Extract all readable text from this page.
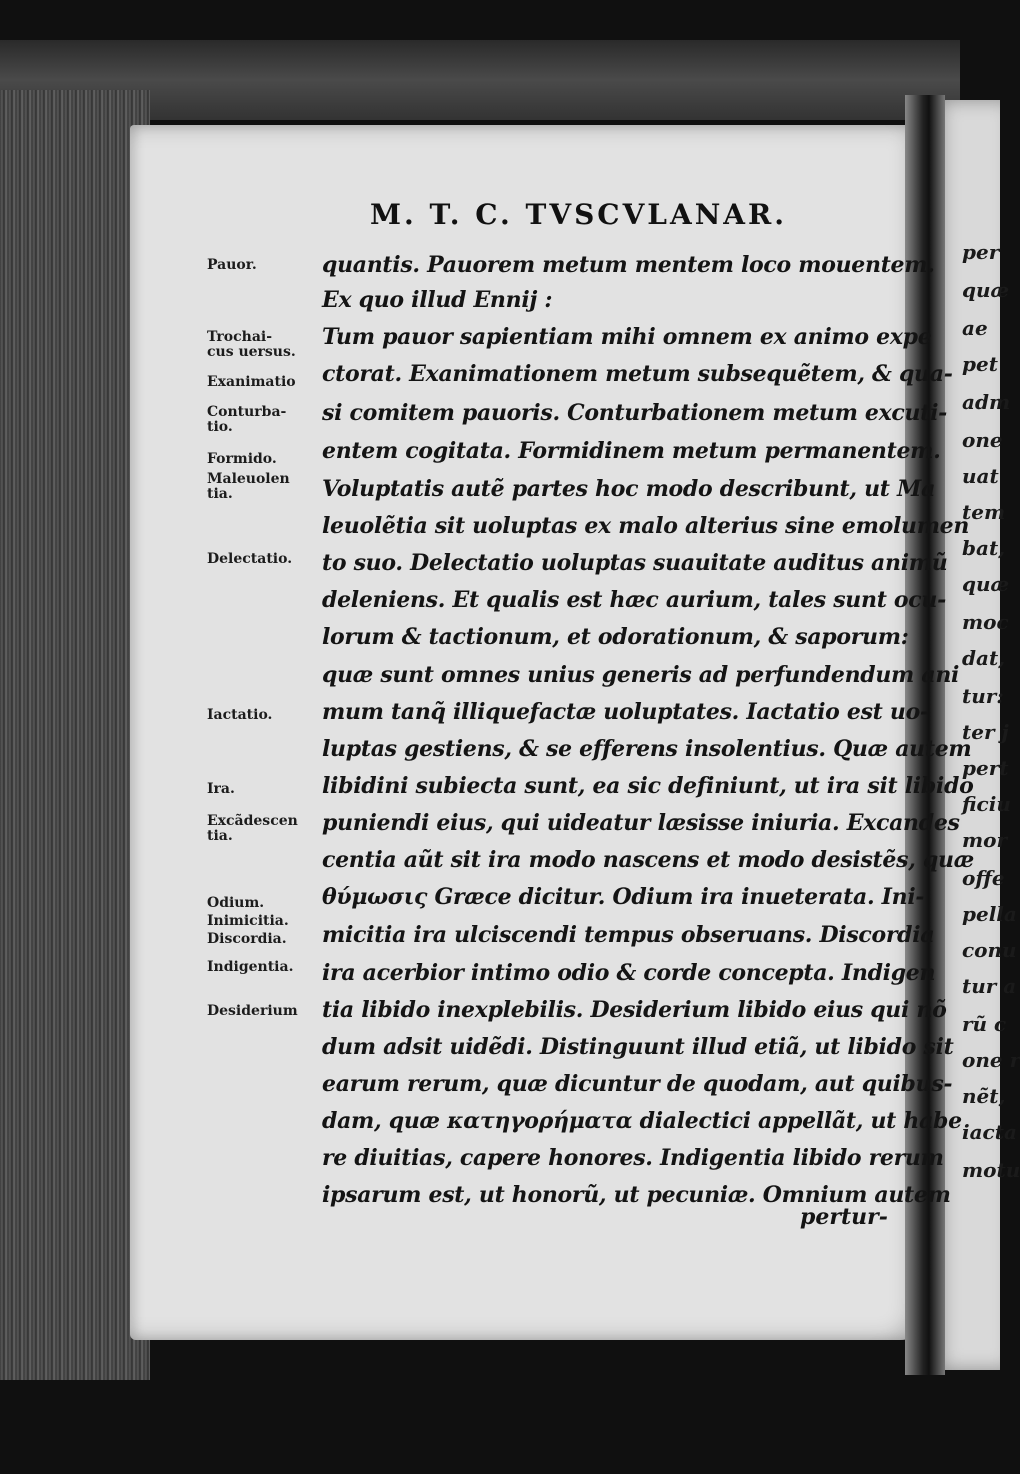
M. T. C. TVSCVLANAR.
quantis. Pauorem metum mentem loco mouentem.
Ex quo illud Ennij :
Tum pauor sapientiam mihi omnem ex animo expe
ctorat. Exanimationem metum subsequẽtem, & qua-
si comitem pauoris. Conturbationem metum excuti-
entem cogitata. Formidinem metum permanentem.
Voluptatis autẽ partes hoc modo describunt, ut Ma
leuolẽtia sit uoluptas ex malo alterius sine emolumen
to suo. Delectatio uoluptas suauitate auditus animũ
deleniens. Et qualis est hæc aurium, tales sunt ocu-
lorum & tactionum, et odorationum, & saporum:
quæ sunt omnes unius generis ad perfundendum ani
mum tanq̃ illiquefactæ uoluptates. Iactatio est uo-
luptas gestiens, & se efferens insolentius. Quæ autem
libidini subiecta sunt, ea sic definiunt, ut ira sit libido
puniendi eius, qui uideatur læsisse iniuria. Excandes
centia aũt sit ira modo nascens et modo desistẽs, quæ
θύμωσις Græce dicitur. Odium ira inueterata. Ini-
micitia ira ulciscendi tempus obseruans. Discordia
ira acerbior intimo odio & corde concepta. Indigen
tia libido inexplebilis. Desiderium libido eius qui nõ
dum adsit uidẽdi. Distinguunt illud etiã, ut libido sit
earum rerum, quæ dicuntur de quodam, aut quibus-
dam, quæ κατηγορήματα dialectici appellãt, ut habe
re diuitias, capere honores. Indigentia libido rerum
ipsarum est, ut honorũ, ut pecuniæ. Omnium autem
pertur-
Pauor.
Trochai-
cus uersus.
Exanimatio
Conturba-
tio.
Formido.
Maleuolen
tia.
Delectatio.
Iactatio.
Ira.
Excãdescen
tia.
Odium.
Inimicitia.
Discordia.
Indigentia.
Desiderium
per
quæ
ae
pet
adm
one
uat
tem
bat,
quæ
moc
dat,
tur:
ter j
pert
ficiu
mor
offe
pella
conu
tur a
rũ c
one r
nẽt,
iacta
motu
